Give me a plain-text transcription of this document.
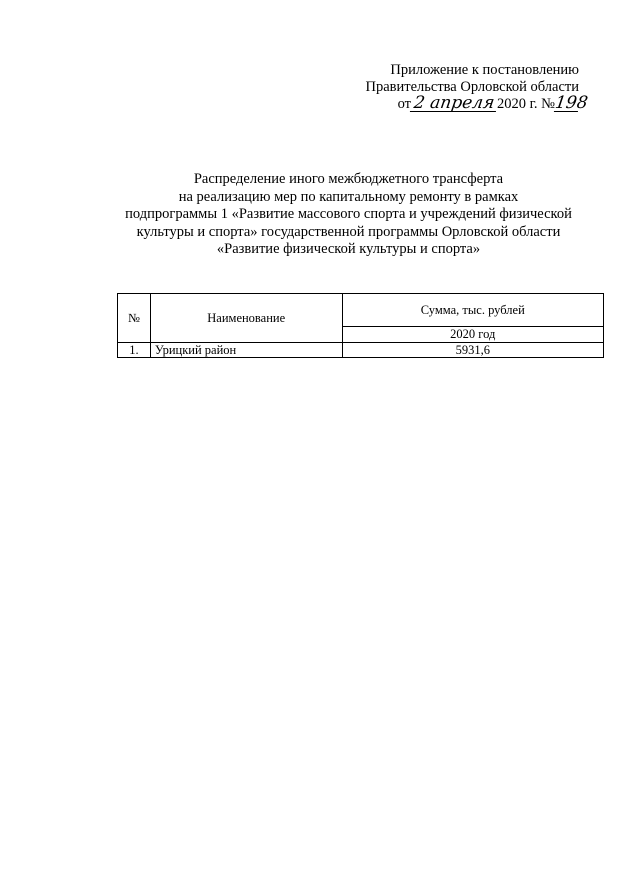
Приложение к постановлению
Правительства Орловской области
от 2 апреля 2020 г. №
198
Распределение иного межбюджетного трансферта
на реализацию мер по капитальному ремонту в рамках
подпрограммы 1 «Развитие массового спорта и учреждений физической
культуры и спорта» государственной программы Орловской области
«Развитие физической культуры и спорта»
№	Наименование	Сумма, тыс. рублей
		2020 год
1.	Урицкий район	5931,6
